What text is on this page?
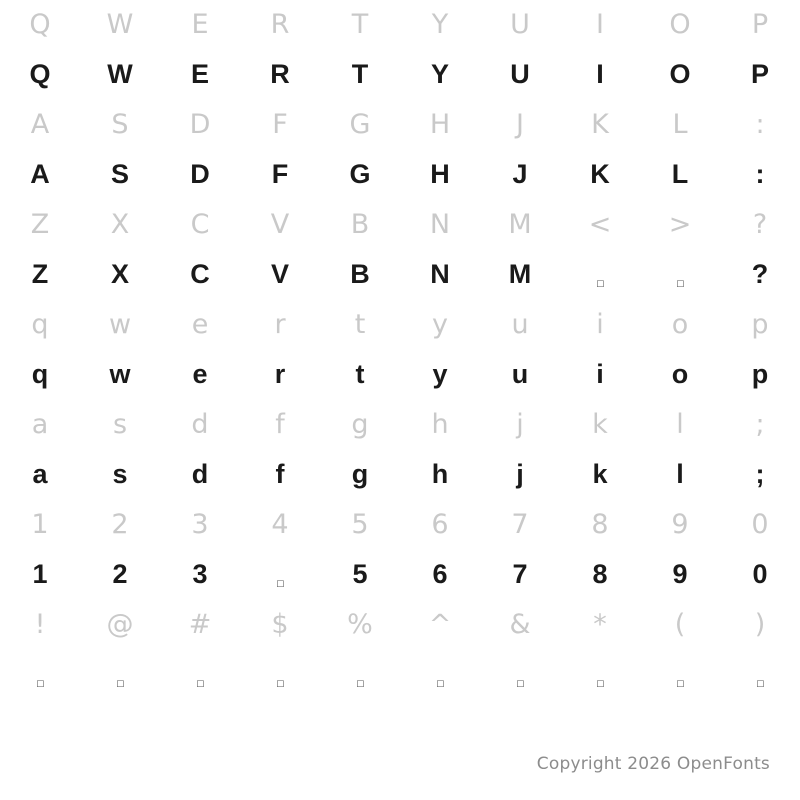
Q	W	E	R	T	Y	U	I	O	P
Q	W	E	R	T	Y	U	I	O	P
A	S	D	F	G	H	J	K	L	:
A	S	D	F	G	H	J	K	L	:
Z	X	C	V	B	N	M	<	>	?
Z	X	C	V	B	N	M	□	□	?
q	w	e	r	t	y	u	i	o	p
q	w	e	r	t	y	u	i	o	p
a	s	d	f	g	h	j	k	l	;
a	s	d	f	g	h	j	k	l	;
1	2	3	4	5	6	7	8	9	0
1	2	3	□	5	6	7	8	9	0
!	@	#	$	%	^	&	*	(	)
□	□	□	□	□	□	□	□	□	□
Copyright 2026 OpenFonts
